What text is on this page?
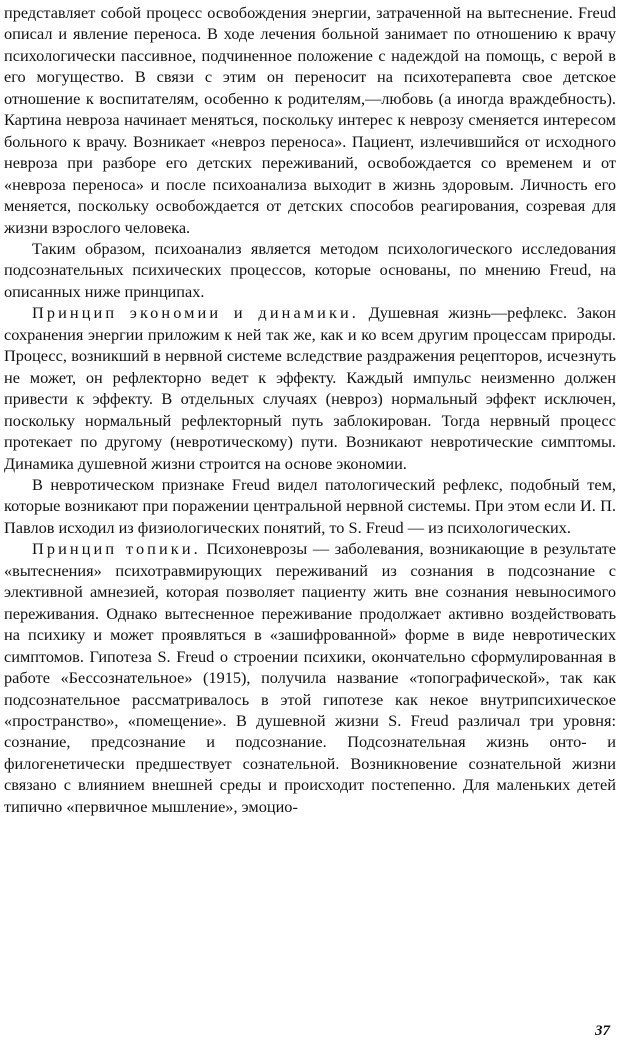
представляет собой процесс освобождения энергии, затраченной на вытеснение. Freud описал и явление переноса. В ходе лечения больной занимает по отношению к врачу психологически пассивное, подчиненное положение с надеждой на помощь, с верой в его могущество. В связи с этим он переносит на психотерапевта свое детское отношение к воспитателям, особенно к родителям,—любовь (а иногда враждебность). Картина невроза начинает меняться, поскольку интерес к неврозу сменяется интересом больного к врачу. Возникает «невроз переноса». Пациент, излечившийся от исходного невроза при разборе его детских переживаний, освобождается со временем и от «невроза переноса» и после психоанализа выходит в жизнь здоровым. Личность его меняется, поскольку освобождается от детских способов реагирования, созревая для жизни взрослого человека.

Таким образом, психоанализ является методом психологического исследования подсознательных психических процессов, которые основаны, по мнению Freud, на описанных ниже принципах.

Принцип экономии и динамики. Душевная жизнь—рефлекс. Закон сохранения энергии приложим к ней так же, как и ко всем другим процессам природы. Процесс, возникший в нервной системе вследствие раздражения рецепторов, исчезнуть не может, он рефлекторно ведет к эффекту. Каждый импульс неизменно должен привести к эффекту. В отдельных случаях (невроз) нормальный эффект исключен, поскольку нормальный рефлекторный путь заблокирован. Тогда нервный процесс протекает по другому (невротическому) пути. Возникают невротические симптомы. Динамика душевной жизни строится на основе экономии.

В невротическом признаке Freud видел патологический рефлекс, подобный тем, которые возникают при поражении центральной нервной системы. При этом если И. П. Павлов исходил из физиологических понятий, то S. Freud — из психологических.

Принцип топики. Психоневрозы — заболевания, возникающие в результате «вытеснения» психотравмирующих переживаний из сознания в подсознание с элективной амнезией, которая позволяет пациенту жить вне сознания невыносимого переживания. Однако вытесненное переживание продолжает активно воздействовать на психику и может проявляться в «зашифрованной» форме в виде невротических симптомов. Гипотеза S. Freud о строении психики, окончательно сформулированная в работе «Бессознательное» (1915), получила название «топографической», так как подсознательное рассматривалось в этой гипотезе как некое внутрипсихическое «пространство», «помещение». В душевной жизни S. Freud различал три уровня: сознание, предсознание и подсознание. Подсознательная жизнь онто- и филогенетически предшествует сознательной. Возникновение сознательной жизни связано с влиянием внешней среды и происходит постепенно. Для маленьких детей типично «первичное мышление», эмоцио-

37
